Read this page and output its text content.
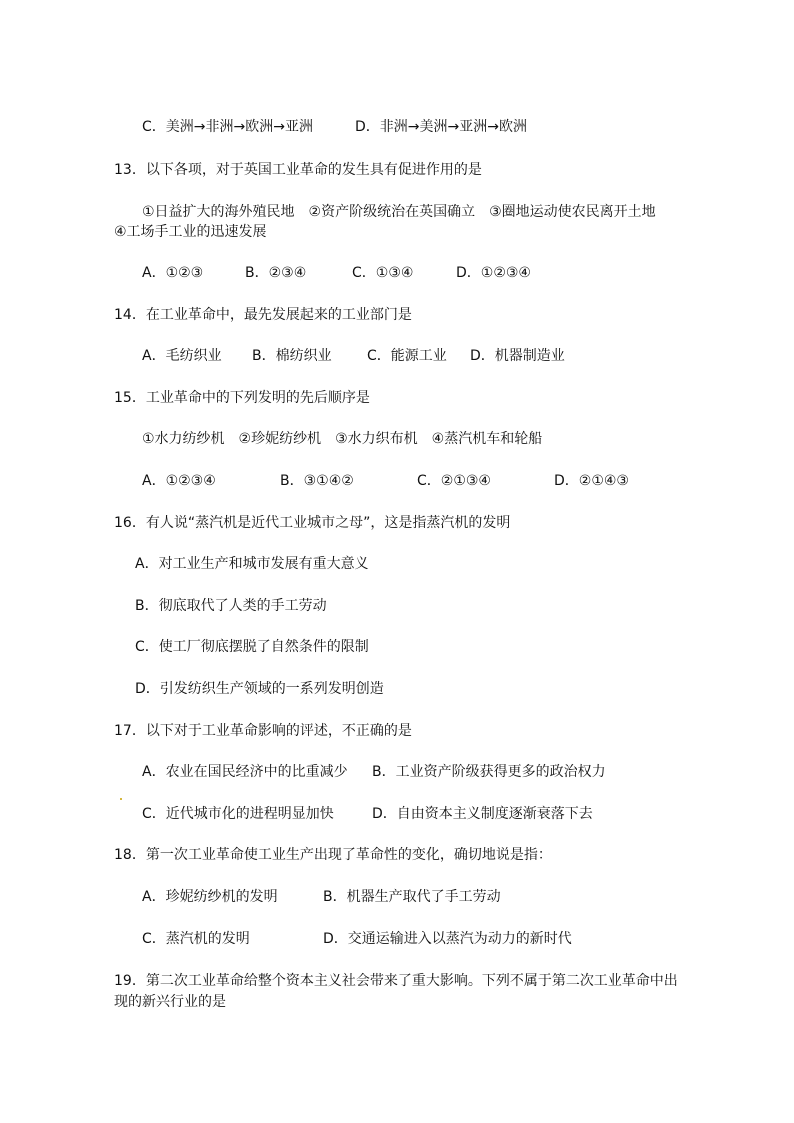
C．美洲→非洲→欧洲→亚洲	D．非洲→美洲→亚洲→欧洲
13．以下各项，对于英国工业革命的发生具有促进作用的是
①日益扩大的海外殖民地　②资产阶级统治在英国确立　③圈地运动使农民离开土地
④工场手工业的迅速发展
A．①②③	B．②③④	C．①③④	D．①②③④
14．在工业革命中，最先发展起来的工业部门是
A．毛纺织业 B．棉纺织业	C．能源工业 D．机器制造业
15．工业革命中的下列发明的先后顺序是
①水力纺纱机　②珍妮纺纱机　③水力织布机　④蒸汽机车和轮船
A．①②③④	B．③①④②	C．②①③④	D．②①④③
16．有人说“蒸汽机是近代工业城市之母”，这是指蒸汽机的发明
A．对工业生产和城市发展有重大意义
B．彻底取代了人类的手工劳动
C．使工厂彻底摆脱了自然条件的限制
D．引发纺织生产领域的一系列发明创造
17．以下对于工业革命影响的评述，不正确的是
A．农业在国民经济中的比重减少 B．工业资产阶级获得更多的政治权力
C．近代城市化的进程明显加快	D．自由资本主义制度逐渐衰落下去
18．第一次工业革命使工业生产出现了革命性的变化，确切地说是指：
A．珍妮纺纱机的发明	B．机器生产取代了手工劳动
C．蒸汽机的发明	D．交通运输进入以蒸汽为动力的新时代
19．第二次工业革命给整个资本主义社会带来了重大影响。下列不属于第二次工业革命中出
现的新兴行业的是
